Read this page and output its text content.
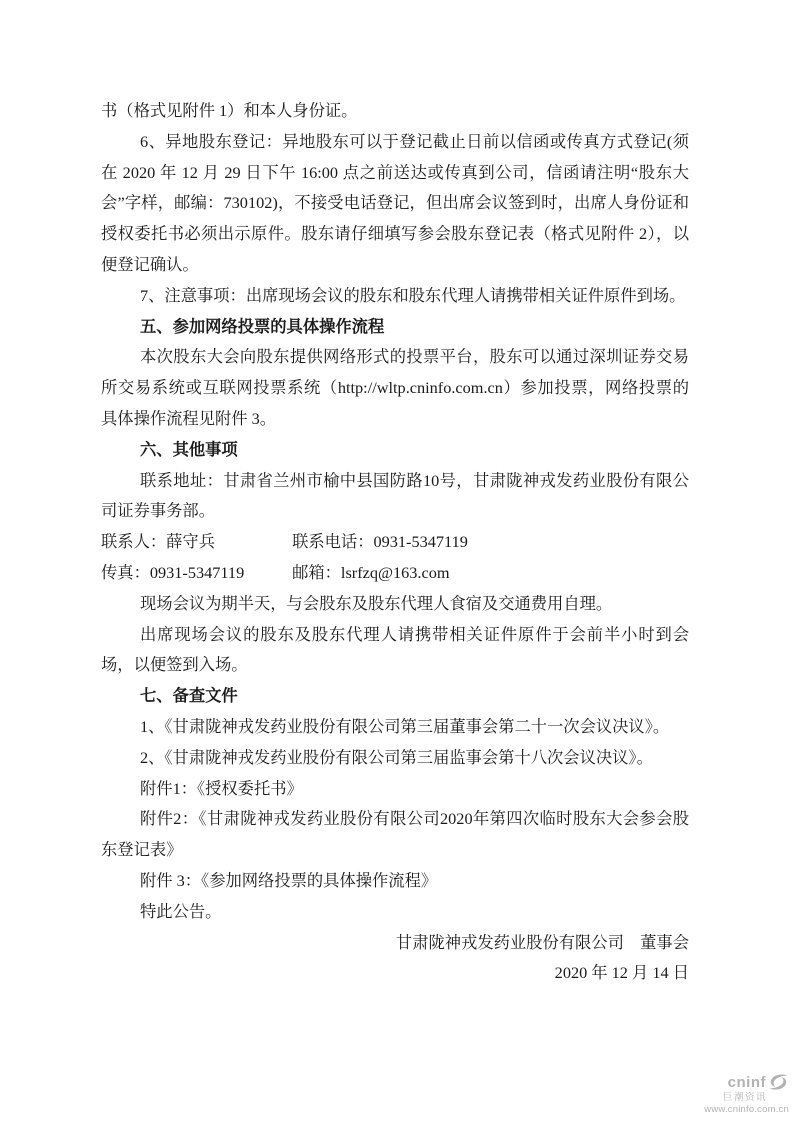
书（格式见附件 1）和本人身份证。

6、异地股东登记：异地股东可以于登记截止日前以信函或传真方式登记(须在 2020 年 12 月 29 日下午 16:00 点之前送达或传真到公司，信函请注明“股东大会”字样，邮编：730102)，不接受电话登记，但出席会议签到时，出席人身份证和授权委托书必须出示原件。股东请仔细填写参会股东登记表（格式见附件 2），以便登记确认。

7、注意事项：出席现场会议的股东和股东代理人请携带相关证件原件到场。

五、参加网络投票的具体操作流程

本次股东大会向股东提供网络形式的投票平台，股东可以通过深圳证券交易所交易系统或互联网投票系统（http://wltp.cninfo.com.cn）参加投票，网络投票的具体操作流程见附件 3。

六、其他事项

联系地址：甘肃省兰州市榆中县国防路10号，甘肃陇神戎发药业股份有限公司证券事务部。

联系人：薛守兵	联系电话：0931-5347119

传真：0931-5347119	邮箱：lsrfzq@163.com

现场会议为期半天，与会股东及股东代理人食宿及交通费用自理。

出席现场会议的股东及股东代理人请携带相关证件原件于会前半小时到会场，以便签到入场。

七、备查文件

1、《甘肃陇神戎发药业股份有限公司第三届董事会第二十一次会议决议》。

2、《甘肃陇神戎发药业股份有限公司第三届监事会第十八次会议决议》。

附件1：《授权委托书》

附件2：《甘肃陇神戎发药业股份有限公司2020年第四次临时股东大会参会股东登记表》

附件 3：《参加网络投票的具体操作流程》

特此公告。

甘肃陇神戎发药业股份有限公司　董事会

2020 年 12 月 14 日

cninf
巨潮资讯
www.cninfo.com.cn
